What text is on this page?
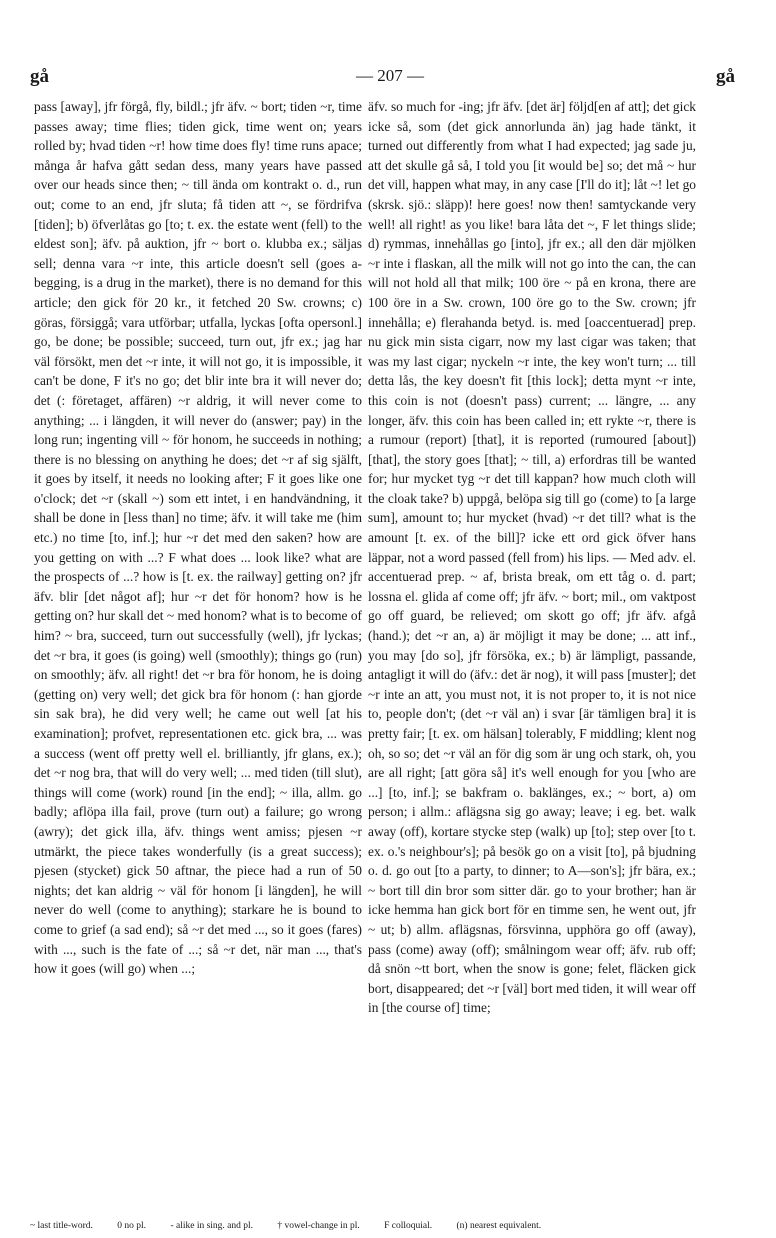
gå	— 207 —	gå

pass [away], jfr förgå, fly, bildl.; jfr äfv. ~ bort; tiden ~r, time passes away; time flies; tiden gick, time went on; years rolled by; hvad tiden ~r! how time does fly! time runs apace; många år hafva gått sedan dess, many years have passed over our heads since then; ~ till ända om kontrakt o. d., run out; come to an end, jfr sluta; få tiden att ~, se fördrifva [tiden]; b) öfverlåtas go [to; t. ex. the estate went (fell) to the eldest son]; äfv. på auktion, jfr ~ bort o. klubba ex.; säljas sell; denna vara ~r inte, this article doesn't sell (goes a-begging, is a drug in the market), there is no demand for this article; den gick för 20 kr., it fetched 20 Sw. crowns; c) göras, försiggå; vara utförbar; utfalla, lyckas [ofta opersonl.] go, be done; be possible; succeed, turn out, jfr ex.; jag har väl försökt, men det ~r inte, it will not go, it is impossible, it can't be done, F it's no go; det blir inte bra it will never do; det (: företaget, affären) ~r aldrig, it will never come to anything; ... i längden, it will never do (answer; pay) in the long run; ingenting vill ~ för honom, he succeeds in nothing; there is no blessing on anything he does; det ~r af sig själft, it goes by itself, it needs no looking after; F it goes like one o'clock; det ~r (skall ~) som ett intet, i en handvändning, it shall be done in [less than] no time; äfv. it will take me (him etc.) no time [to, inf.]; hur ~r det med den saken? how are you getting on with ...? F what does ... look like? what are the prospects of ...? how is [t. ex. the railway] getting on? jfr äfv. blir [det något af]; hur ~r det för honom? how is he getting on? hur skall det ~ med honom? what is to become of him? ~ bra, succeed, turn out successfully (well), jfr lyckas; det ~r bra, it goes (is going) well (smoothly); things go (run) on smoothly; äfv. all right! det ~r bra för honom, he is doing (getting on) very well; det gick bra för honom (: han gjorde sin sak bra), he did very well; he came out well [at his examination]; profvet, representationen etc. gick bra, ... was a success (went off pretty well el. brilliantly, jfr glans, ex.); det ~r nog bra, that will do very well; ... med tiden (till slut), things will come (work) round [in the end]; ~ illa, allm. go badly; aflöpa illa fail, prove (turn out) a failure; go wrong (awry); det gick illa, äfv. things went amiss; pjesen ~r utmärkt, the piece takes wonderfully (is a great success); pjesen (stycket) gick 50 aftnar, the piece had a run of 50 nights; det kan aldrig ~ väl för honom [i längden], he will never do well (come to anything); starkare he is bound to come to grief (a sad end); så ~r det med ..., so it goes (fares) with ..., such is the fate of ...; så ~r det, när man ..., that's how it goes (will go) when ...;

äfv. so much for -ing; jfr äfv. [det är] följd[en af att]; det gick icke så, som (det gick annorlunda än) jag hade tänkt, it turned out differently from what I had expected; jag sade ju, att det skulle gå så, I told you [it would be] so; det må ~ hur det vill, happen what may, in any case [I'll do it]; låt ~! let go (skrsk. sjö.: släpp)! here goes! now then! samtyckande very well! all right! as you like! bara låta det ~, F let things slide; d) rymmas, innehållas go [into], jfr ex.; all den där mjölken ~r inte i flaskan, all the milk will not go into the can, the can will not hold all that milk; 100 öre ~ på en krona, there are 100 öre in a Sw. crown, 100 öre go to the Sw. crown; jfr innehålla; e) flerahanda betyd. is. med [oaccentuerad] prep. nu gick min sista cigarr, now my last cigar was taken; that was my last cigar; nyckeln ~r inte, the key won't turn; ... till detta lås, the key doesn't fit [this lock]; detta mynt ~r inte, this coin is not (doesn't pass) current; ... längre, ... any longer, äfv. this coin has been called in; ett rykte ~r, there is a rumour (report) [that], it is reported (rumoured [about]) [that], the story goes [that]; ~ till, a) erfordras till be wanted for; hur mycket tyg ~r det till kappan? how much cloth will the cloak take? b) uppgå, belöpa sig till go (come) to [a large sum], amount to; hur mycket (hvad) ~r det till? what is the amount [t. ex. of the bill]? icke ett ord gick öfver hans läppar, not a word passed (fell from) his lips. — Med adv. el. accentuerad prep. ~ af, brista break, om ett tåg o. d. part; lossna el. glida af come off; jfr äfv. ~ bort; mil., om vaktpost go off guard, be relieved; om skott go off; jfr äfv. afgå (hand.); det ~r an, a) är möjligt it may be done; ... att inf., you may [do so], jfr försöka, ex.; b) är lämpligt, passande, antagligt it will do (äfv.: det är nog), it will pass [muster]; det ~r inte an att, you must not, it is not proper to, it is not nice to, people don't; (det ~r väl an) i svar [är tämligen bra] it is pretty fair; [t. ex. om hälsan] tolerably, F middling; klent nog oh, so so; det ~r väl an för dig som är ung och stark, oh, you are all right; [att göra så] it's well enough for you [who are ...] [to, inf.]; se bakfram o. baklänges, ex.; ~ bort, a) om person; i allm.: aflägsna sig go away; leave; i eg. bet. walk away (off), kortare stycke step (walk) up [to]; step over [to t. ex. o.'s neighbour's]; på besök go on a visit [to], på bjudning o. d. go out [to a party, to dinner; to A—son's]; jfr bära, ex.; ~ bort till din bror som sitter där. go to your brother; han är icke hemma han gick bort för en timme sen, he went out, jfr ~ ut; b) allm. aflägsnas, försvinna, upphöra go off (away), pass (come) away (off); smålningom wear off; äfv. rub off; då snön ~tt bort, when the snow is gone; felet, fläcken gick bort, disappeared; det ~r [väl] bort med tiden, it will wear off in [the course of] time;

~ last title-word.	0 no pl.	- alike in sing. and pl.	† vowel-change in pl.	F colloquial.	(n) nearest equivalent.
